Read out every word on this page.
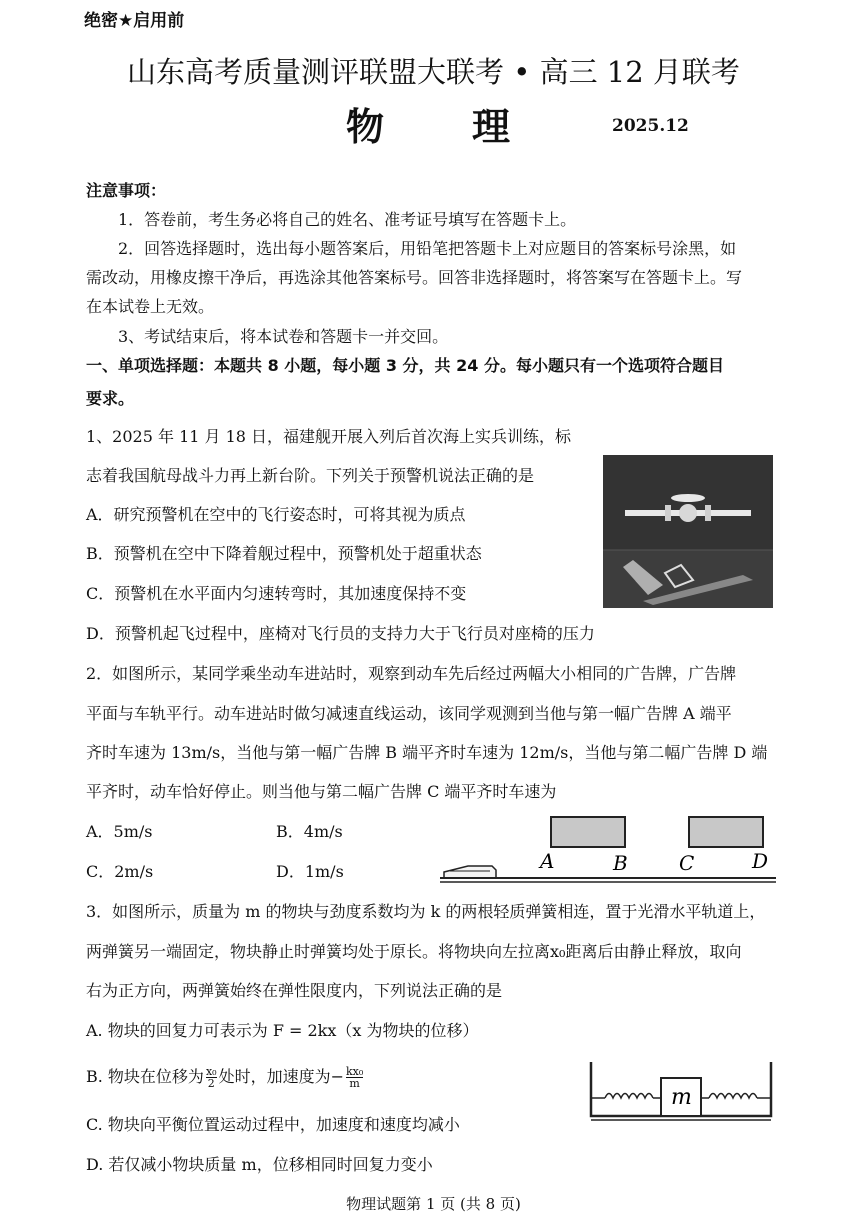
绝密★启用前
山东高考质量测评联盟大联考 • 高三 12 月联考
物理 2025.12
注意事项：
1．答卷前，考生务必将自己的姓名、准考证号填写在答题卡上。
2．回答选择题时，选出每小题答案后，用铅笔把答题卡上对应题目的答案标号涂黑，如
需改动，用橡皮擦干净后，再选涂其他答案标号。回答非选择题时，将答案写在答题卡上。写
在本试卷上无效。
3、考试结束后，将本试卷和答题卡一并交回。
一、单项选择题：本题共 8 小题，每小题 3 分，共 24 分。每小题只有一个选项符合题目
要求。
1、2025 年 11 月 18 日，福建舰开展入列后首次海上实兵训练，标
志着我国航母战斗力再上新台阶。下列关于预警机说法正确的是
A．研究预警机在空中的飞行姿态时，可将其视为质点
B．预警机在空中下降着舰过程中，预警机处于超重状态
C．预警机在水平面内匀速转弯时，其加速度保持不变
D．预警机起飞过程中，座椅对飞行员的支持力大于飞行员对座椅的压力
2．如图所示，某同学乘坐动车进站时，观察到动车先后经过两幅大小相同的广告牌，广告牌
平面与车轨平行。动车进站时做匀减速直线运动，该同学观测到当他与第一幅广告牌 A 端平
齐时车速为 13m/s，当他与第一幅广告牌 B 端平齐时车速为 12m/s，当他与第二幅广告牌 D 端
平齐时，动车恰好停止。则当他与第二幅广告牌 C 端平齐时车速为
A．5m/s	B．4m/s
C．2m/s	D．1m/s	A	B	C	D
3．如图所示，质量为 m 的物块与劲度系数均为 k 的两根轻质弹簧相连，置于光滑水平轨道上，
两弹簧另一端固定，物块静止时弹簧均处于原长。将物块向左拉离x₀距离后由静止释放，取向
右为正方向，两弹簧始终在弹性限度内，下列说法正确的是
A. 物块的回复力可表示为 F = 2kx（x 为物块的位移）
B. 物块在位移为 $\frac{\text{x₀}}{2}$ 处时，加速度为− $\frac{\text{kx₀}}{m}$
C. 物块向平衡位置运动过程中，加速度和速度均减小
D. 若仅减小物块质量 m，位移相同时回复力变小
m
物理试题第 1 页 (共 8 页)
